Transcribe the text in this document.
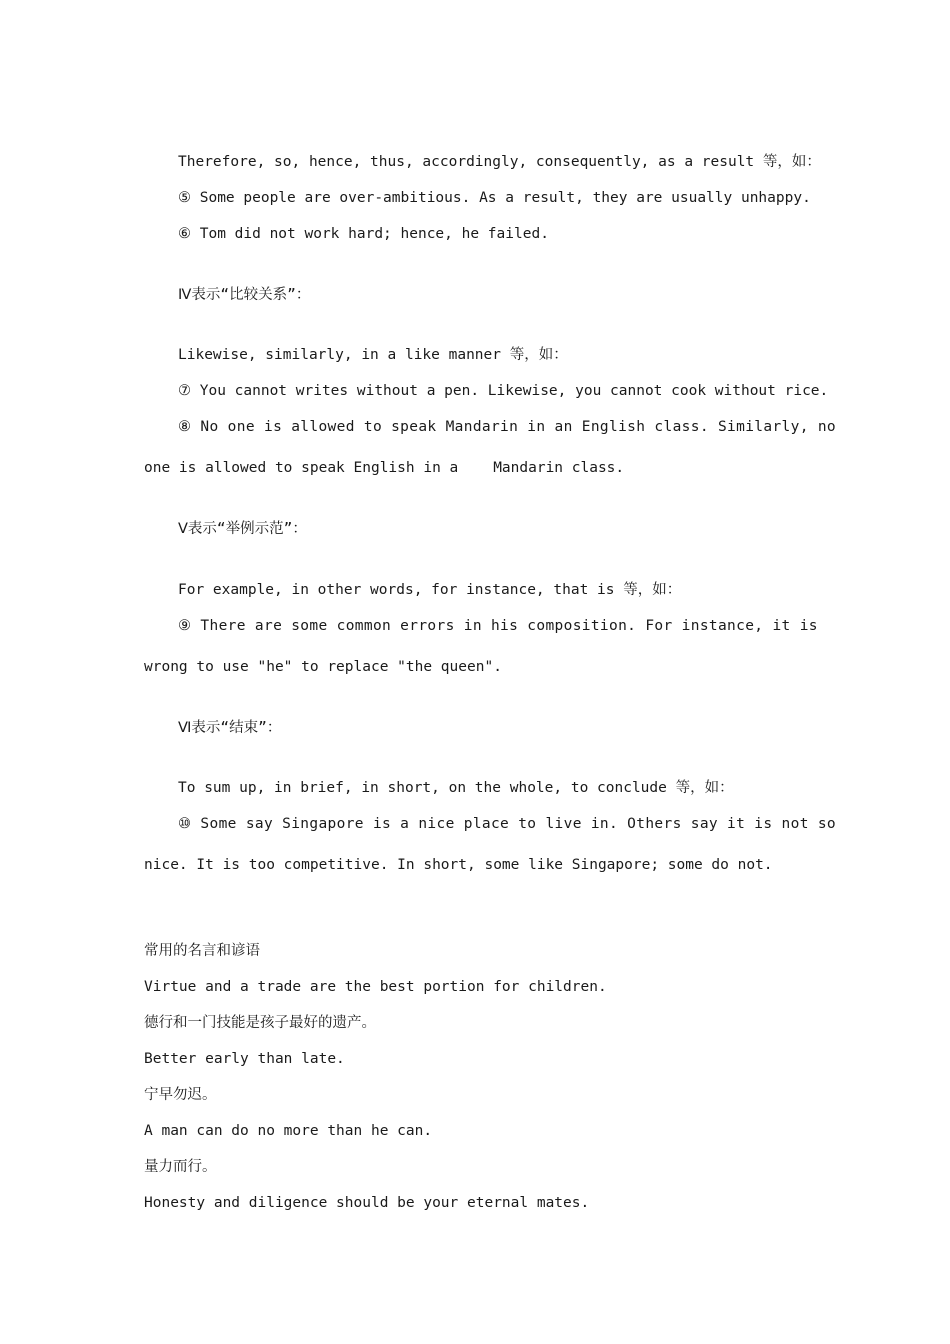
Therefore, so, hence, thus, accordingly, consequently, as a result 等，如：
⑤ Some people are over-ambitious. As a result, they are usually unhappy.
⑥ Tom did not work hard; hence, he failed.
Ⅳ表示“比较关系”：
Likewise, similarly, in a like manner 等，如：
⑦ You cannot writes without a pen. Likewise, you cannot cook without rice.
⑧ No one is allowed to speak Mandarin in an English class. Similarly, no
one is allowed to speak English in a    Mandarin class.
Ⅴ表示“举例示范”：
For example, in other words, for instance, that is 等，如：
⑨ There are some common errors in his composition. For instance, it is
wrong to use "he" to replace "the queen".
Ⅵ表示“结束”：
To sum up, in brief, in short, on the whole, to conclude 等，如：
⑩ Some say Singapore is a nice place to live in. Others say it is not so
nice. It is too competitive. In short, some like Singapore; some do not.
常用的名言和谚语
Virtue and a trade are the best portion for children.
德行和一门技能是孩子最好的遗产。
Better early than late.
宁早勿迟。
A man can do no more than he can.
量力而行。
Honesty and diligence should be your eternal mates.
